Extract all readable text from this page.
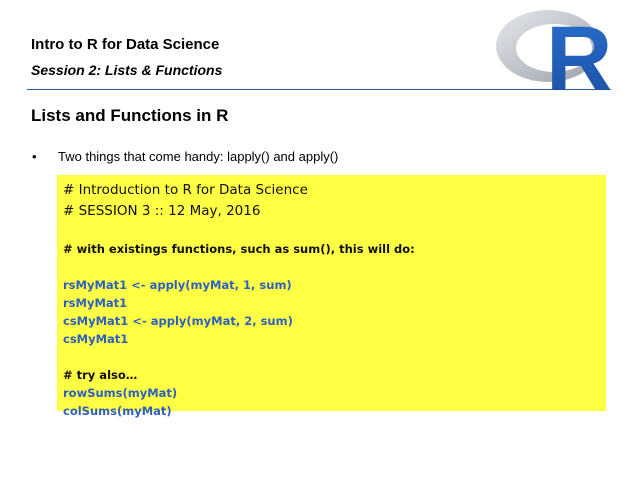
Intro to R for Data Science
Session 2: Lists & Functions	R
Lists and Functions in R
• Two things that come handy: lapply() and apply()
# Introduction to R for Data Science
# SESSION 3 :: 12 May, 2016
# with existings functions, such as sum(), this will do:
rsMyMat1 <- apply(myMat, 1, sum)
rsMyMat1
csMyMat1 <- apply(myMat, 2, sum)
csMyMat1
# try also…
rowSums(myMat)
colSums(myMat)
